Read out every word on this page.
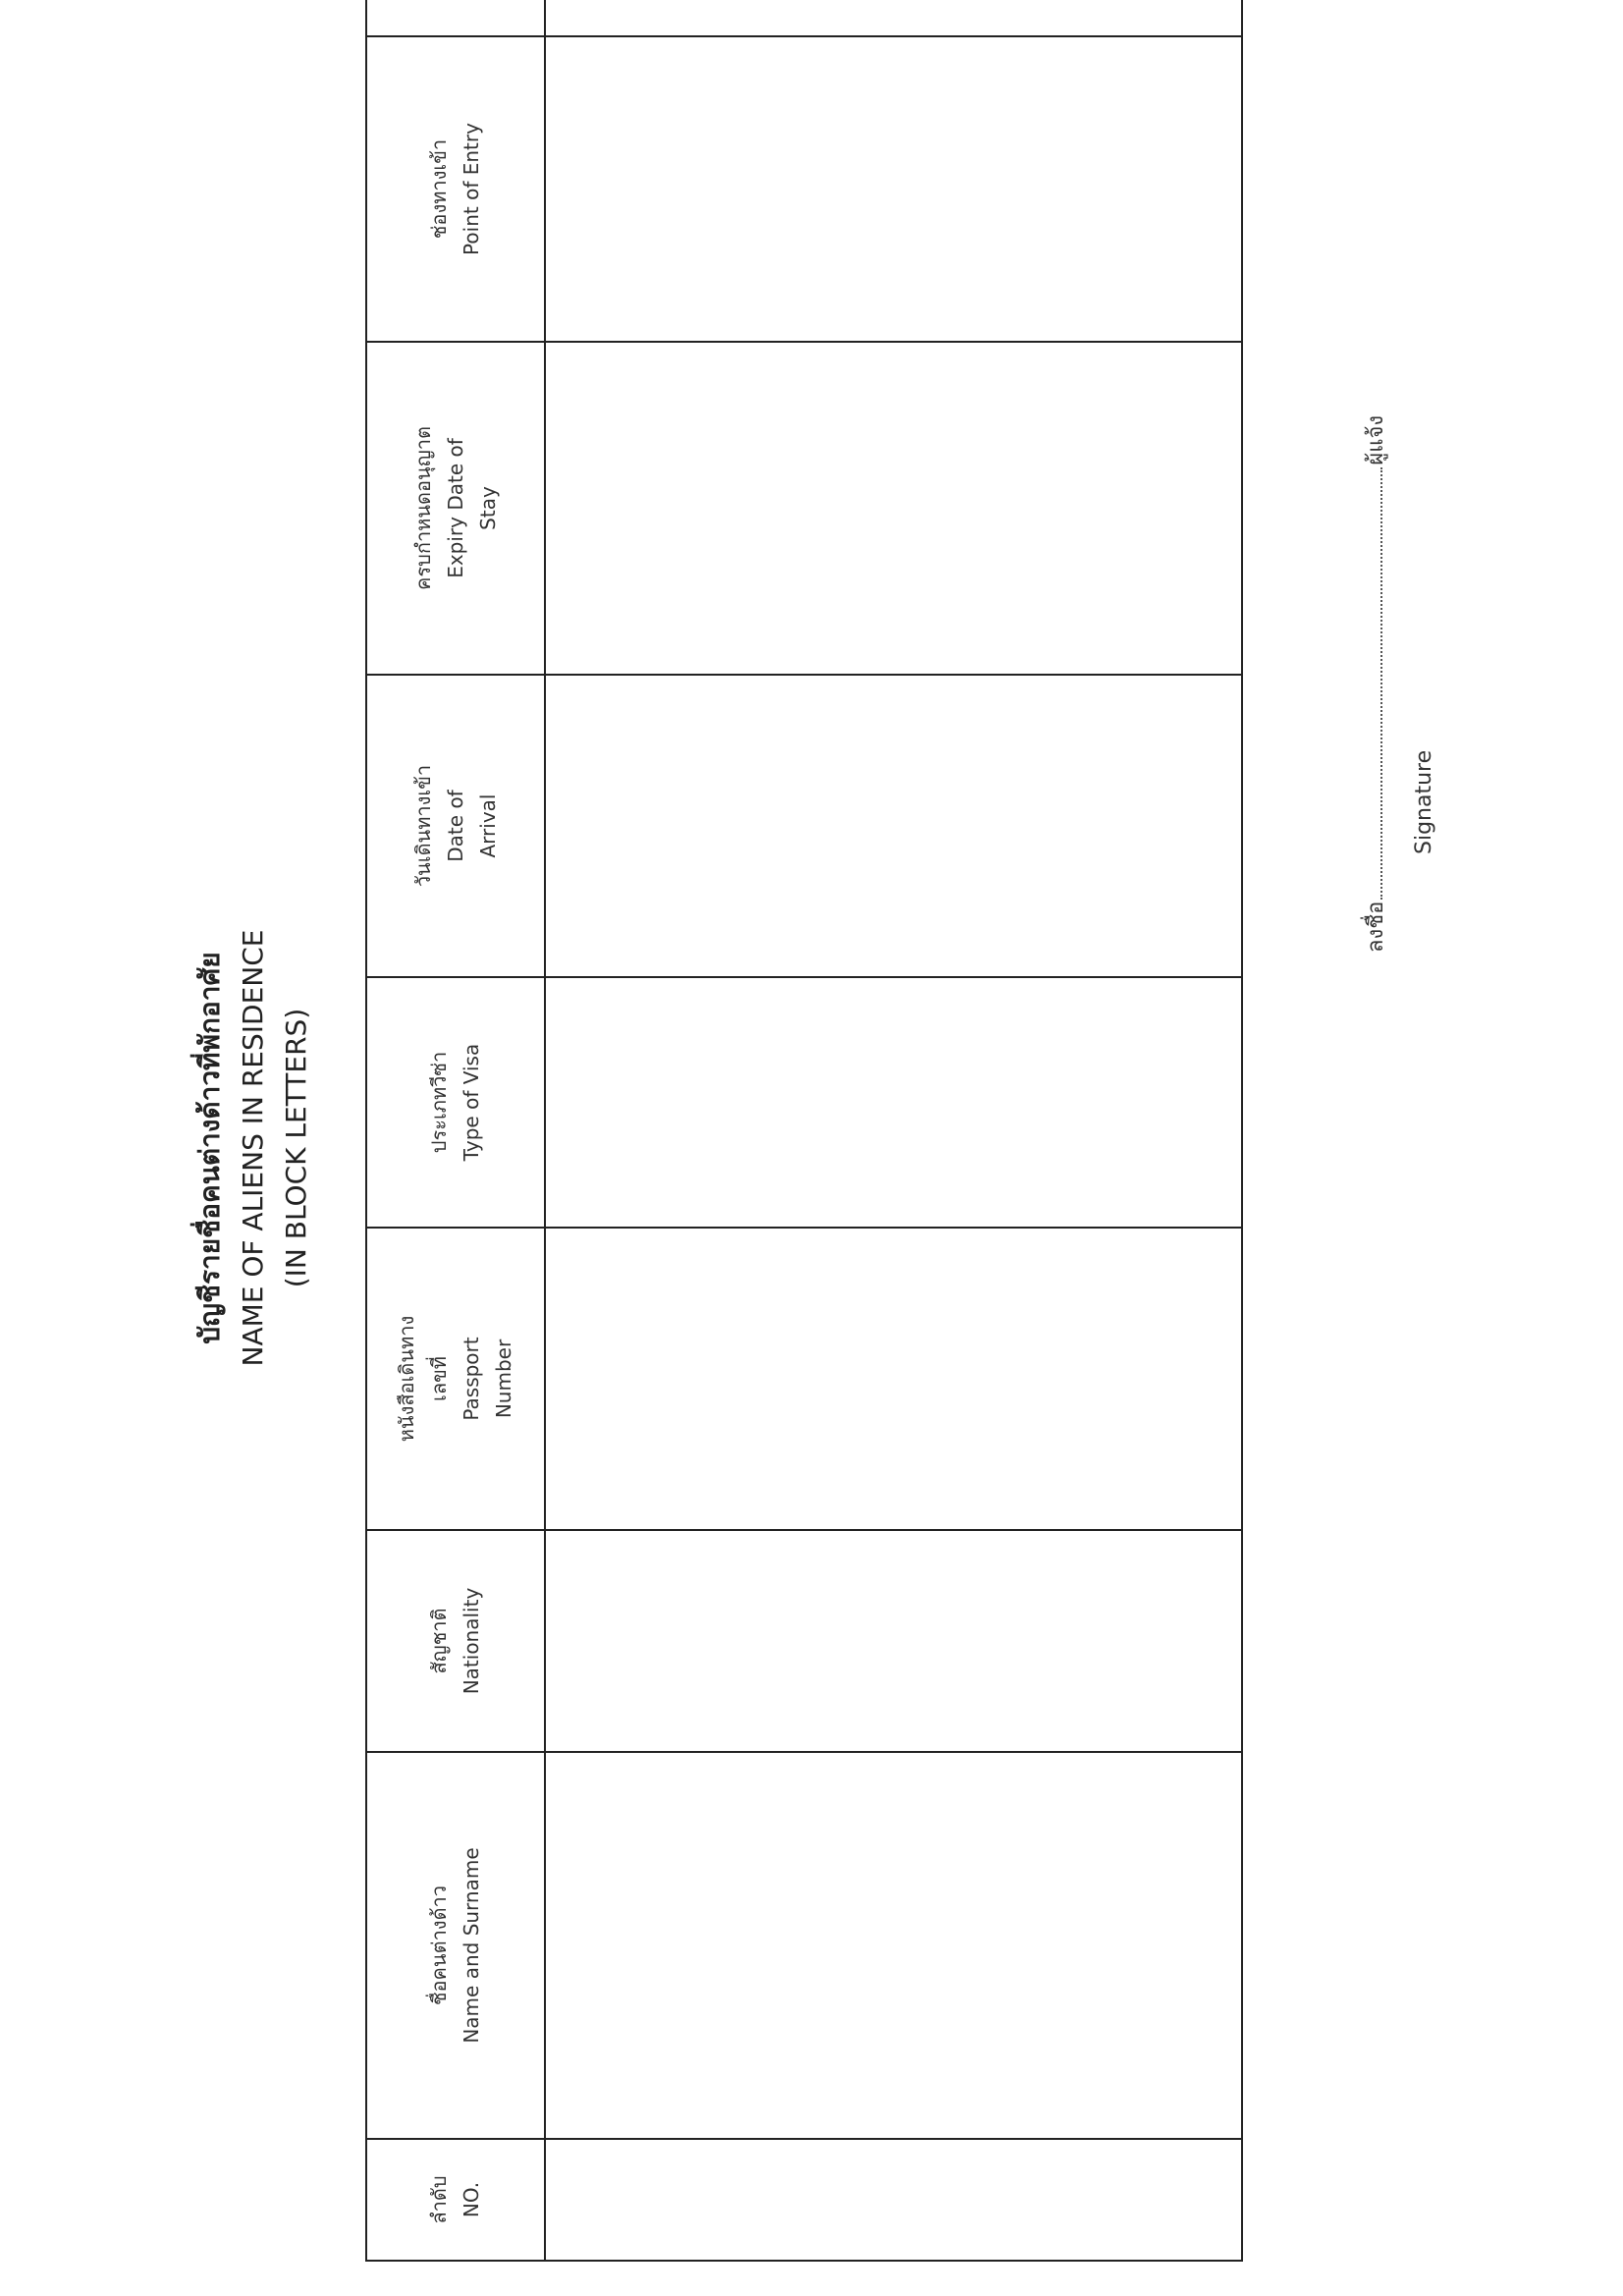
บัญชีรายชื่อคนต่างด้าวที่พักอาศัย NAME OF ALIENS IN RESIDENCE (IN BLOCK LETTERS)
ลำดับ NO.	ชื่อคนต่างด้าว Name and Surname	สัญชาติ Nationality	หนังสือเดินทาง เลขที่ Passport Number	ประเภทวีซ่า Type of Visa	วันเดินทางเข้า Date of Arrival	ครบกำหนดอนุญาต Expiry Date of Stay	ช่องทางเข้า Point of Entry

ลงชื่อผู้แจ้ง
Signature
